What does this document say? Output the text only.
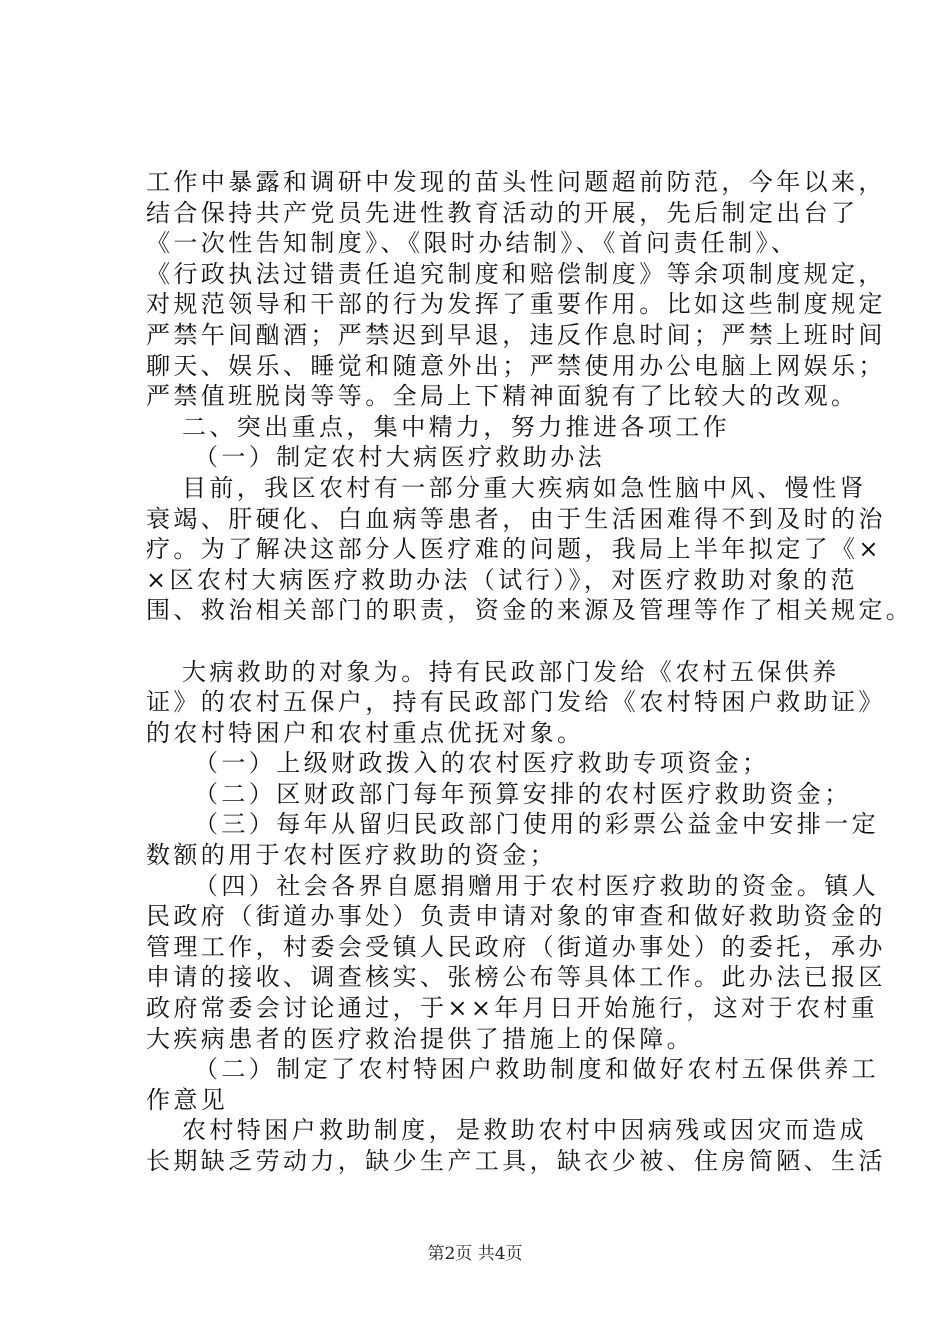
工作中暴露和调研中发现的苗头性问题超前防范，今年以来，
结合保持共产党员先进性教育活动的开展，先后制定出台了
《一次性告知制度》、《限时办结制》、《首问责任制》、
《行政执法过错责任追究制度和赔偿制度》等余项制度规定，
对规范领导和干部的行为发挥了重要作用。比如这些制度规定
严禁午间酗酒；严禁迟到早退，违反作息时间；严禁上班时间
聊天、娱乐、睡觉和随意外出；严禁使用办公电脑上网娱乐；
严禁值班脱岗等等。全局上下精神面貌有了比较大的改观。
二、突出重点，集中精力，努力推进各项工作
（一）制定农村大病医疗救助办法
目前，我区农村有一部分重大疾病如急性脑中风、慢性肾
衰竭、肝硬化、白血病等患者，由于生活困难得不到及时的治
疗。为了解决这部分人医疗难的问题，我局上半年拟定了《×
×区农村大病医疗救助办法（试行）》，对医疗救助对象的范
围、救治相关部门的职责，资金的来源及管理等作了相关规定。
大病救助的对象为。持有民政部门发给《农村五保供养
证》的农村五保户，持有民政部门发给《农村特困户救助证》
的农村特困户和农村重点优抚对象。
（一）上级财政拨入的农村医疗救助专项资金；
（二）区财政部门每年预算安排的农村医疗救助资金；
（三）每年从留归民政部门使用的彩票公益金中安排一定
数额的用于农村医疗救助的资金；
（四）社会各界自愿捐赠用于农村医疗救助的资金。镇人
民政府（街道办事处）负责申请对象的审查和做好救助资金的
管理工作，村委会受镇人民政府（街道办事处）的委托，承办
申请的接收、调查核实、张榜公布等具体工作。此办法已报区
政府常委会讨论通过，于××年月日开始施行，这对于农村重
大疾病患者的医疗救治提供了措施上的保障。
（二）制定了农村特困户救助制度和做好农村五保供养工
作意见
农村特困户救助制度，是救助农村中因病残或因灾而造成
长期缺乏劳动力，缺少生产工具，缺衣少被、住房简陋、生活
第2页 共4页
